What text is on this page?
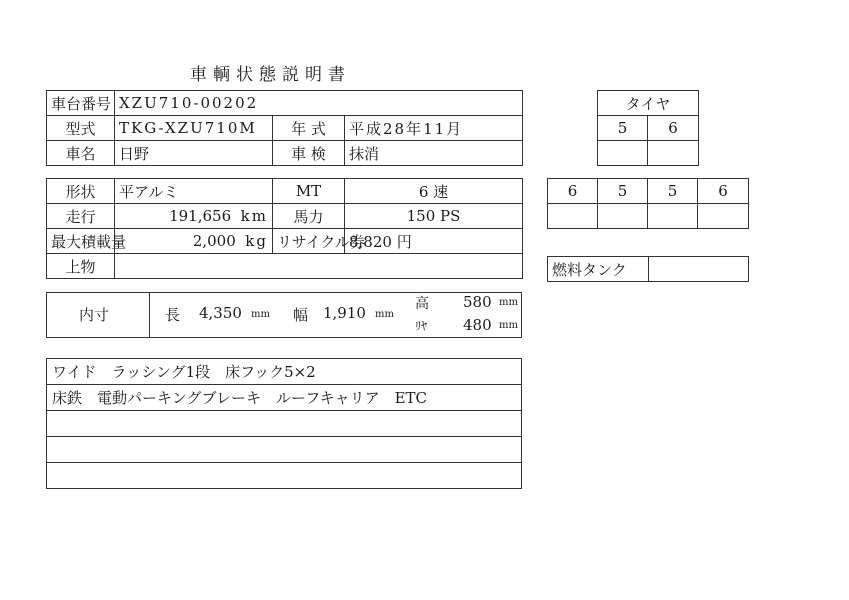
車輌状態説明書
車台番号	XZU710-00202		
型式	TKG-XZU710M	年 式	平成28年11月
車名	日野	車 検	抹消
形状	平アルミ	MT	6 速
走行	191,656 km	馬力	150 PS
最大積載量	2,000 kg	リサイクル券	8,820 円
上物			
内寸	長 4,350 mm 幅 1,910 mm
高 580 mm
ﾘﾔ 480 mm
ワイド　ラッシング1段　床フック5×2
床鉄　電動パーキングブレーキ　ルーフキャリア　ETC

タイヤ	
5	6

6	5	5	6

燃料タンク	
